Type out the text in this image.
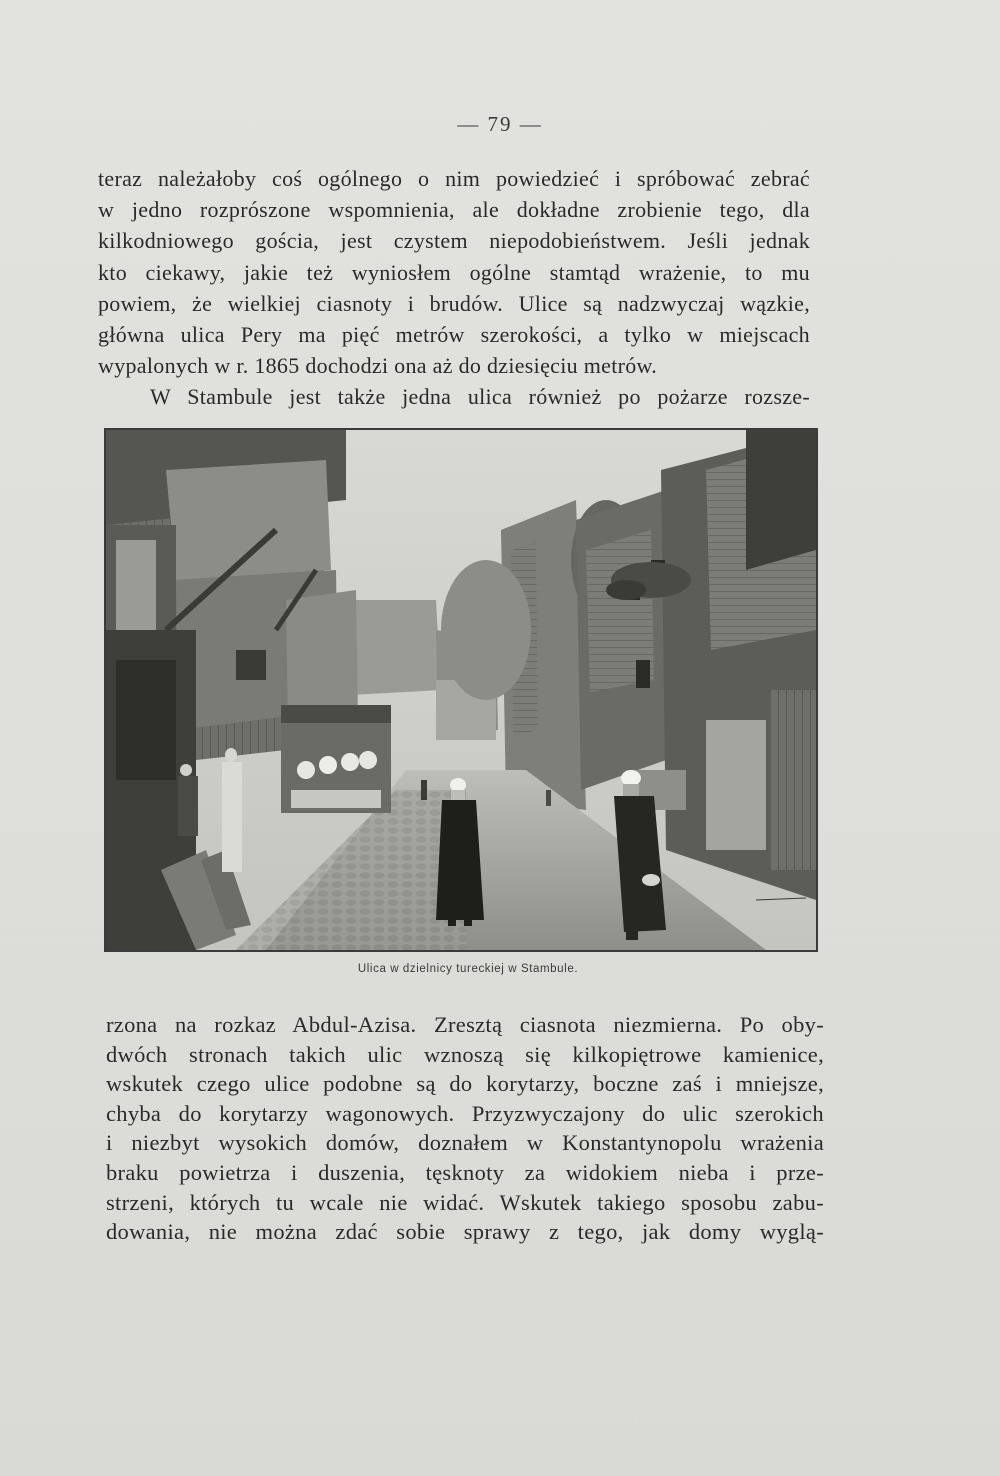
— 79 —
teraz należałoby coś ogólnego o nim powiedzieć i spróbować zebrać
w jedno rozprószone wspomnienia, ale dokładne zrobienie tego, dla
kilkodniowego gościa, jest czystem niepodobieństwem. Jeśli jednak
kto ciekawy, jakie też wyniosłem ogólne stamtąd wrażenie, to mu
powiem, że wielkiej ciasnoty i brudów. Ulice są nadzwyczaj wązkie,
główna ulica Pery ma pięć metrów szerokości, a tylko w miejscach
wypalonych w r. 1865 dochodzi ona aż do dziesięciu metrów.
W Stambule jest także jedna ulica również po pożarze rozsze-
Ulica w dzielnicy tureckiej w Stambule.
rzona na rozkaz Abdul-Azisa. Zresztą ciasnota niezmierna. Po oby-
dwóch stronach takich ulic wznoszą się kilkopiętrowe kamienice,
wskutek czego ulice podobne są do korytarzy, boczne zaś i mniejsze,
chyba do korytarzy wagonowych. Przyzwyczajony do ulic szerokich
i niezbyt wysokich domów, doznałem w Konstantynopolu wrażenia
braku powietrza i duszenia, tęsknoty za widokiem nieba i prze-
strzeni, których tu wcale nie widać. Wskutek takiego sposobu zabu-
dowania, nie można zdać sobie sprawy z tego, jak domy wyglą-
